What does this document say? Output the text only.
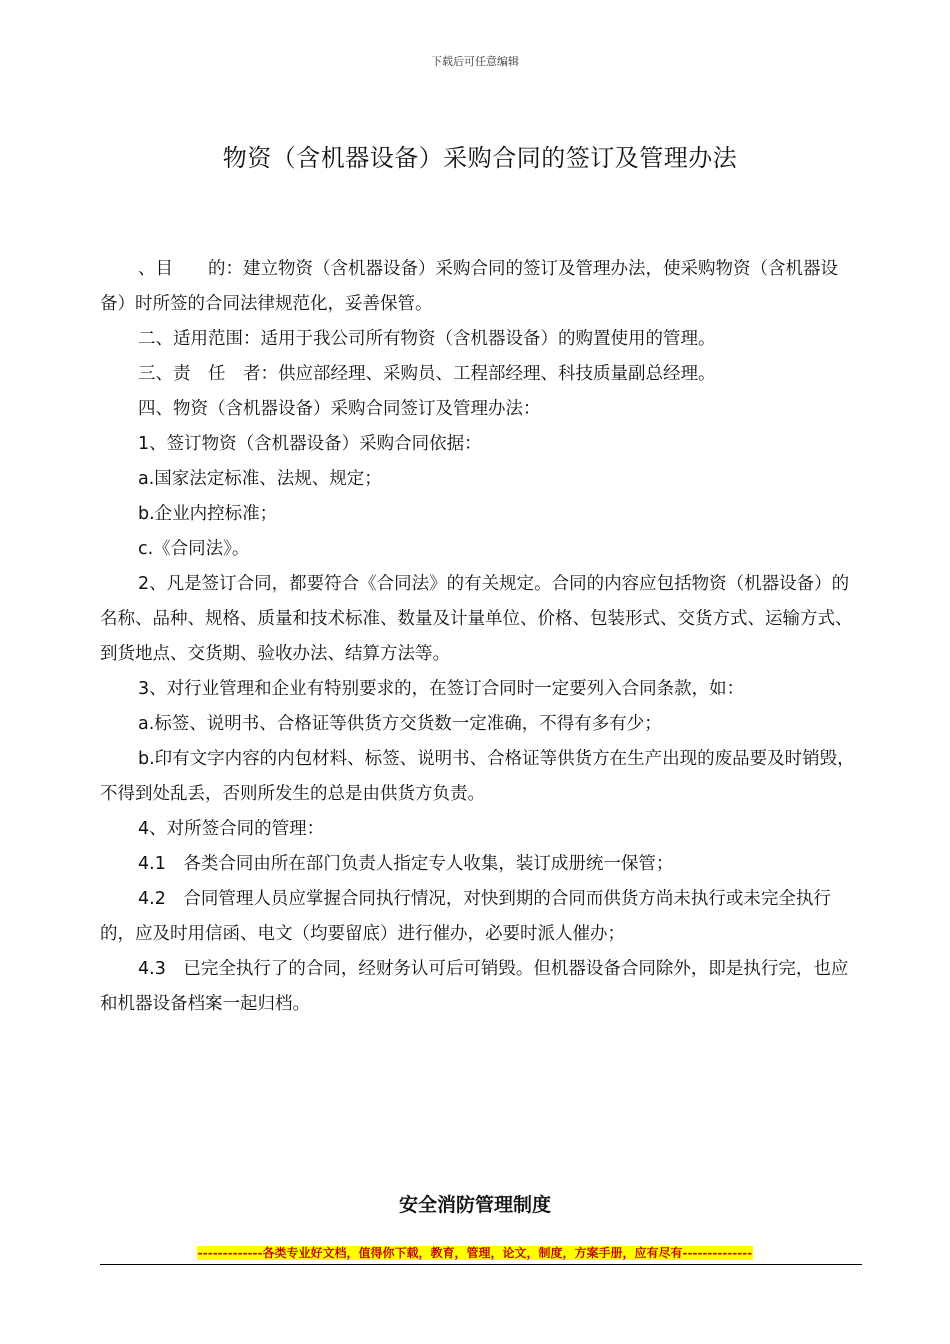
下载后可任意编辑
物资（含机器设备）采购合同的签订及管理办法

、目　　的：建立物资（含机器设备）采购合同的签订及管理办法，使采购物资（含机器设备）时所签的合同法律规范化，妥善保管。

二、适用范围：适用于我公司所有物资（含机器设备）的购置使用的管理。

三、责　任　者：供应部经理、采购员、工程部经理、科技质量副总经理。

四、物资（含机器设备）采购合同签订及管理办法：

1、签订物资（含机器设备）采购合同依据：

a.国家法定标准、法规、规定；

b.企业内控标准；

c.《合同法》。

2、凡是签订合同，都要符合《合同法》的有关规定。合同的内容应包括物资（机器设备）的名称、品种、规格、质量和技术标准、数量及计量单位、价格、包装形式、交货方式、运输方式、到货地点、交货期、验收办法、结算方法等。

3、对行业管理和企业有特别要求的，在签订合同时一定要列入合同条款，如：

a.标签、说明书、合格证等供货方交货数一定准确，不得有多有少；

b.印有文字内容的内包材料、标签、说明书、合格证等供货方在生产出现的废品要及时销毁，不得到处乱丢，否则所发生的总是由供货方负责。

4、对所签合同的管理：

4.1　各类合同由所在部门负责人指定专人收集，装订成册统一保管；

4.2　合同管理人员应掌握合同执行情况，对快到期的合同而供货方尚未执行或未完全执行的，应及时用信函、电文（均要留底）进行催办，必要时派人催办；

4.3　已完全执行了的合同，经财务认可后可销毁。但机器设备合同除外，即是执行完，也应和机器设备档案一起归档。

安全消防管理制度
-------------各类专业好文档，值得你下载，教育，管理，论文，制度，方案手册，应有尽有--------------
